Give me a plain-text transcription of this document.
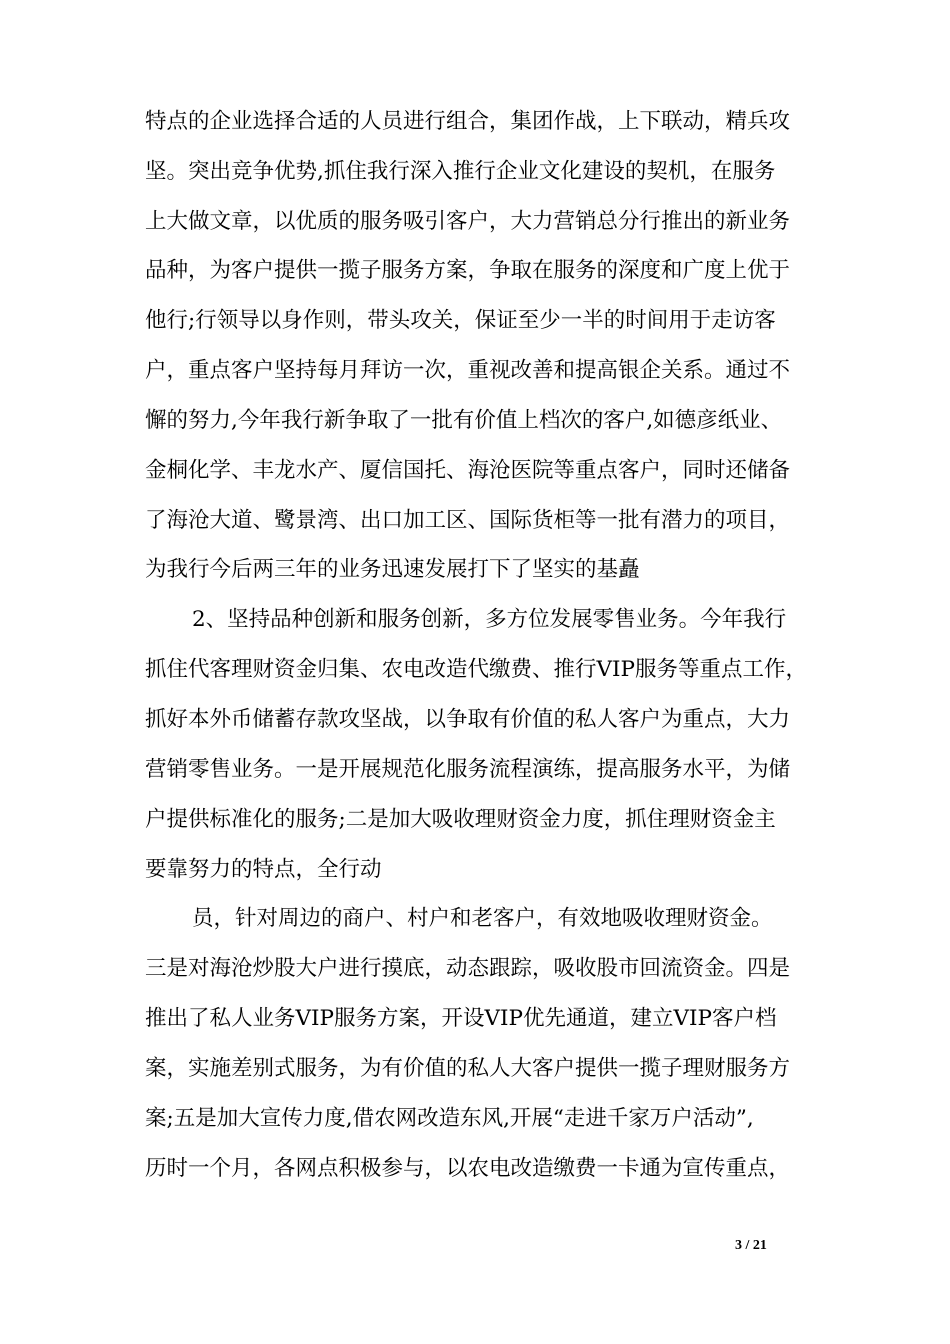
特点的企业选择合适的人员进行组合，集团作战，上下联动，精兵攻
坚。突出竞争优势,抓住我行深入推行企业文化建设的契机，在服务
上大做文章，以优质的服务吸引客户，大力营销总分行推出的新业务
品种，为客户提供一揽子服务方案，争取在服务的深度和广度上优于
他行;行领导以身作则，带头攻关，保证至少一半的时间用于走访客
户，重点客户坚持每月拜访一次，重视改善和提高银企关系。通过不
懈的努力,今年我行新争取了一批有价值上档次的客户,如德彦纸业、
金桐化学、丰龙水产、厦信国托、海沧医院等重点客户，同时还储备
了海沧大道、鹭景湾、出口加工区、国际货柜等一批有潜力的项目，
为我行今后两三年的业务迅速发展打下了坚实的基矗
2、坚持品种创新和服务创新，多方位发展零售业务。今年我行
抓住代客理财资金归集、农电改造代缴费、推行VIP服务等重点工作，
抓好本外币储蓄存款攻坚战，以争取有价值的私人客户为重点，大力
营销零售业务。一是开展规范化服务流程演练，提高服务水平，为储
户提供标准化的服务;二是加大吸收理财资金力度，抓住理财资金主
要靠努力的特点，全行动
员，针对周边的商户、村户和老客户，有效地吸收理财资金。
三是对海沧炒股大户进行摸底，动态跟踪，吸收股市回流资金。四是
推出了私人业务VIP服务方案，开设VIP优先通道，建立VIP客户档
案，实施差别式服务，为有价值的私人大客户提供一揽子理财服务方
案;五是加大宣传力度,借农网改造东风,开展“走进千家万户活动”,
历时一个月，各网点积极参与，以农电改造缴费一卡通为宣传重点，
3 / 21
